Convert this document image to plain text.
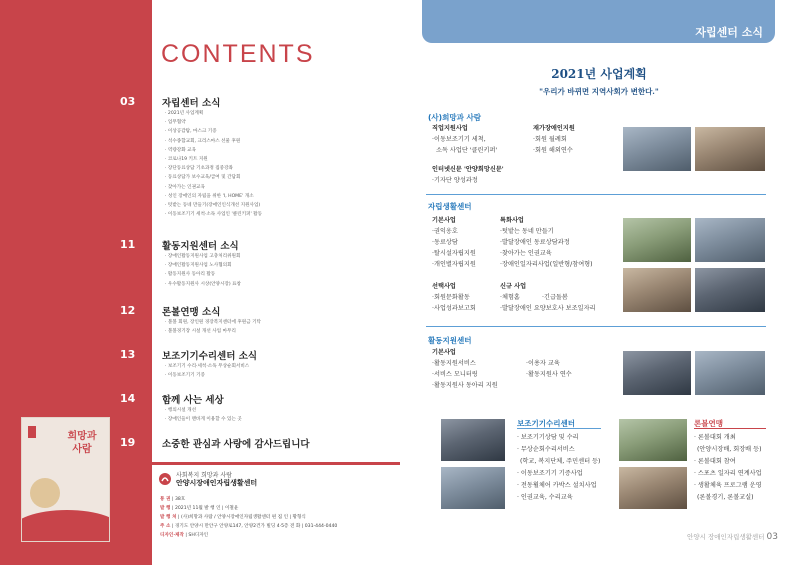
CONTENTS
03	자립센터 소식
· 2021년 사업계획
· 업무협약
· 이상공감탐, 마스크 기증
· 석수종합교회, 크리스마스 선물 후원
· 역량강화 교육
· 코로나19 키트 지원
· 장단동료상담 기초과정 집중강좌
· 동료상담가 보수교육/급여 및 간담회
· 찾아가는 인권교육
· 성인 장애인의 자립을 위한 'I, HOME' 개소
· 텃밭는 동네 만들기(장애인인식개선 지원사업)
· 이동보조기기 세척·소독 사업인 '클린키퍼' 활동
11	활동지원센터 소식
· 장애인활동지원사업 고충처리위원회
· 장애인활동지원사업 노사협의회
· 활동지원사 동아리 활동
· 우수활동지원사 시상(안양시장) 표창
12	론볼연맹 소식
· 볼볼 회원, 장인원 경장복지센터에 후원금 기탁
· 볼볼경기장 시설 개선 사업 마무리
13	보조기기수리센터 소식
· 보조기기 수리·세척·소독 무상순회서비스
· 이동보조기기 기증
14	함께 사는 세상
· 행의시설 개선
· 장애인들이 맨바게 이용할 수 있는 곳
19	소중한 관심과 사랑에 감사드립니다
희망과
사람
사회복지 희망과 사람
안양시장애인자립생활센터
통 권 | 38호
발 행 | 2021년 11월 발 행 인 | 이철윤
발 행 처 | (사)희망과 사람 / 안양시장애인자립생활센터 편 집 인 | 황형식
주 소 | 경기도 안양시 만안구 안양로147, 안양2건가 빌딩 4·5층 전 화 | 031-444-0440
디자인·제작 | SH디자인
자립센터 소식
2021년 사업계획
"우리가 바뀌면 지역사회가 변한다."
(사)희망과 사람
직업지원사업
·이동보조기기 세척,
소독 사업단 '클린키퍼'
재가장애인지원
·회원 월례회
·회원 해외연수
인터넷신문 '안양희망신문'
·기자단 양성과정
자립생활센터
기본사업
·권익옹호
·동료상담
·탈시설자립지원
·개인별자립지원
특화사업
·텃밭는 동네 만들기
·발달장애인 동료상담과정
·찾아가는 인권교육
·장애인일자리사업(일반형/참여형)
선택사업
·회원문화활동
·사업성과보고회
신규 사업
·체험홈	·긴급돌봄
·발달장애인 요양보호사 보조일자리
활동지원센터
기본사업
·활동지원서비스
·서비스 모니터링
·활동지원사 동아리 지원
·이용자 교육
·활동지원사 연수
보조기기수리센터
· 보조기기상담 및 수리
· 무상순회수리서비스
(학교, 복지단체, 주민센터 등)
· 이동보조기기 기증사업
· 전동휠체어 카박스 설치사업
· 인권교육, 수리교육
론볼연맹
· 론볼대회 개최
(안양시장배, 회장배 등)
· 론볼대회 참여
· 스포츠 일자리 연계사업
· 생활체육 프로그램 운영
(론볼경기, 론볼교실)
안양시 장애인자립생활센터 03
